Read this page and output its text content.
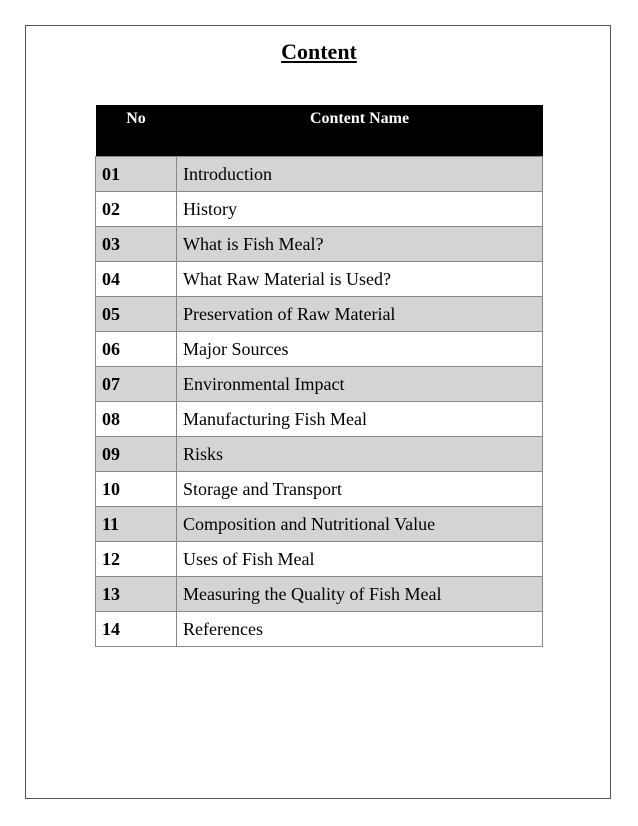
Content
No	Content Name
01	Introduction
02	History
03	What is Fish Meal?
04	What Raw Material is Used?
05	Preservation of Raw Material
06	Major Sources
07	Environmental Impact
08	Manufacturing Fish Meal
09	Risks
10	Storage and Transport
11	Composition and Nutritional Value
12	Uses of Fish Meal
13	Measuring the Quality of Fish Meal
14	References
